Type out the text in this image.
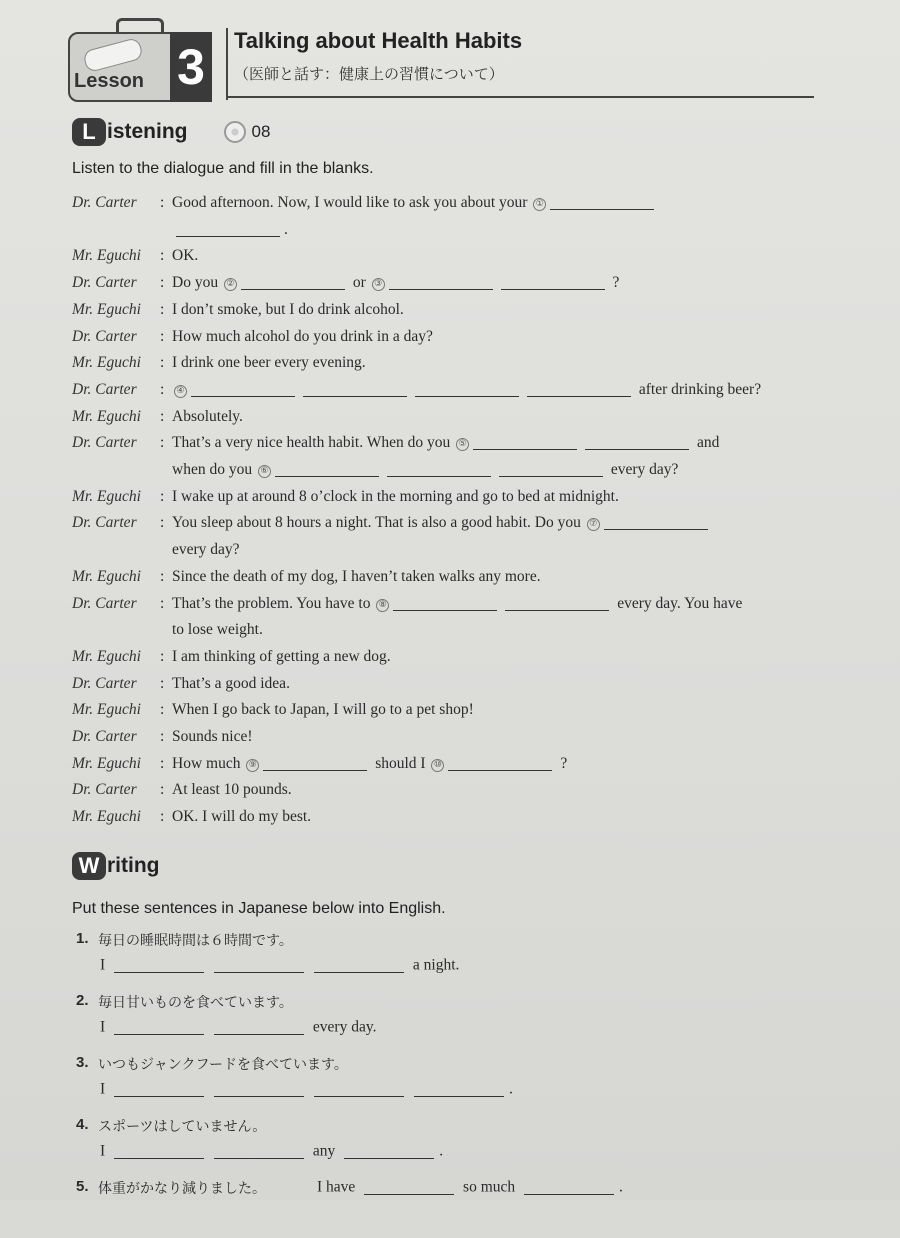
Lesson 3	Talking about Health Habits
（医師と話す：健康上の習慣について）
L istening	08
Listen to the dialogue and fill in the blanks.
Dr. Carter	: Good afternoon. Now, I would like to ask you about your ①
.
Mr. Eguchi	: OK.
Dr. Carter	: Do you ②	or ③	?
Mr. Eguchi	: I don’t smoke, but I do drink alcohol.
Dr. Carter	: How much alcohol do you drink in a day?
Mr. Eguchi	: I drink one beer every evening.
Dr. Carter	:	④	after drinking beer?
Mr. Eguchi	: Absolutely.
Dr. Carter	: That’s a very nice health habit. When do you ⑤	and
when do you ⑥	every day?
Mr. Eguchi	: I wake up at around 8 o’clock in the morning and go to bed at midnight.
Dr. Carter	: You sleep about 8 hours a night. That is also a good habit. Do you ⑦
every day?
Mr. Eguchi	: Since the death of my dog, I haven’t taken walks any more.
Dr. Carter	: That’s the problem. You have to ⑧	every day. You have
to lose weight.
Mr. Eguchi	: I am thinking of getting a new dog.
Dr. Carter	: That’s a good idea.
Mr. Eguchi	: When I go back to Japan, I will go to a pet shop!
Dr. Carter	: Sounds nice!
Mr. Eguchi	: How much ⑨	should I ⑩	?
Dr. Carter	: At least 10 pounds.
Mr. Eguchi	: OK. I will do my best.
W riting
Put these sentences in Japanese below into English.
1. 毎日の睡眠時間は６時間です。
I	a night.
2. 毎日甘いものを食べています。
I	every day.
3. いつもジャンクフードを食べています。
I	.
4. スポーツはしていません。
I	any	.
5. 体重がかなり減りました。	I have	so much	.
